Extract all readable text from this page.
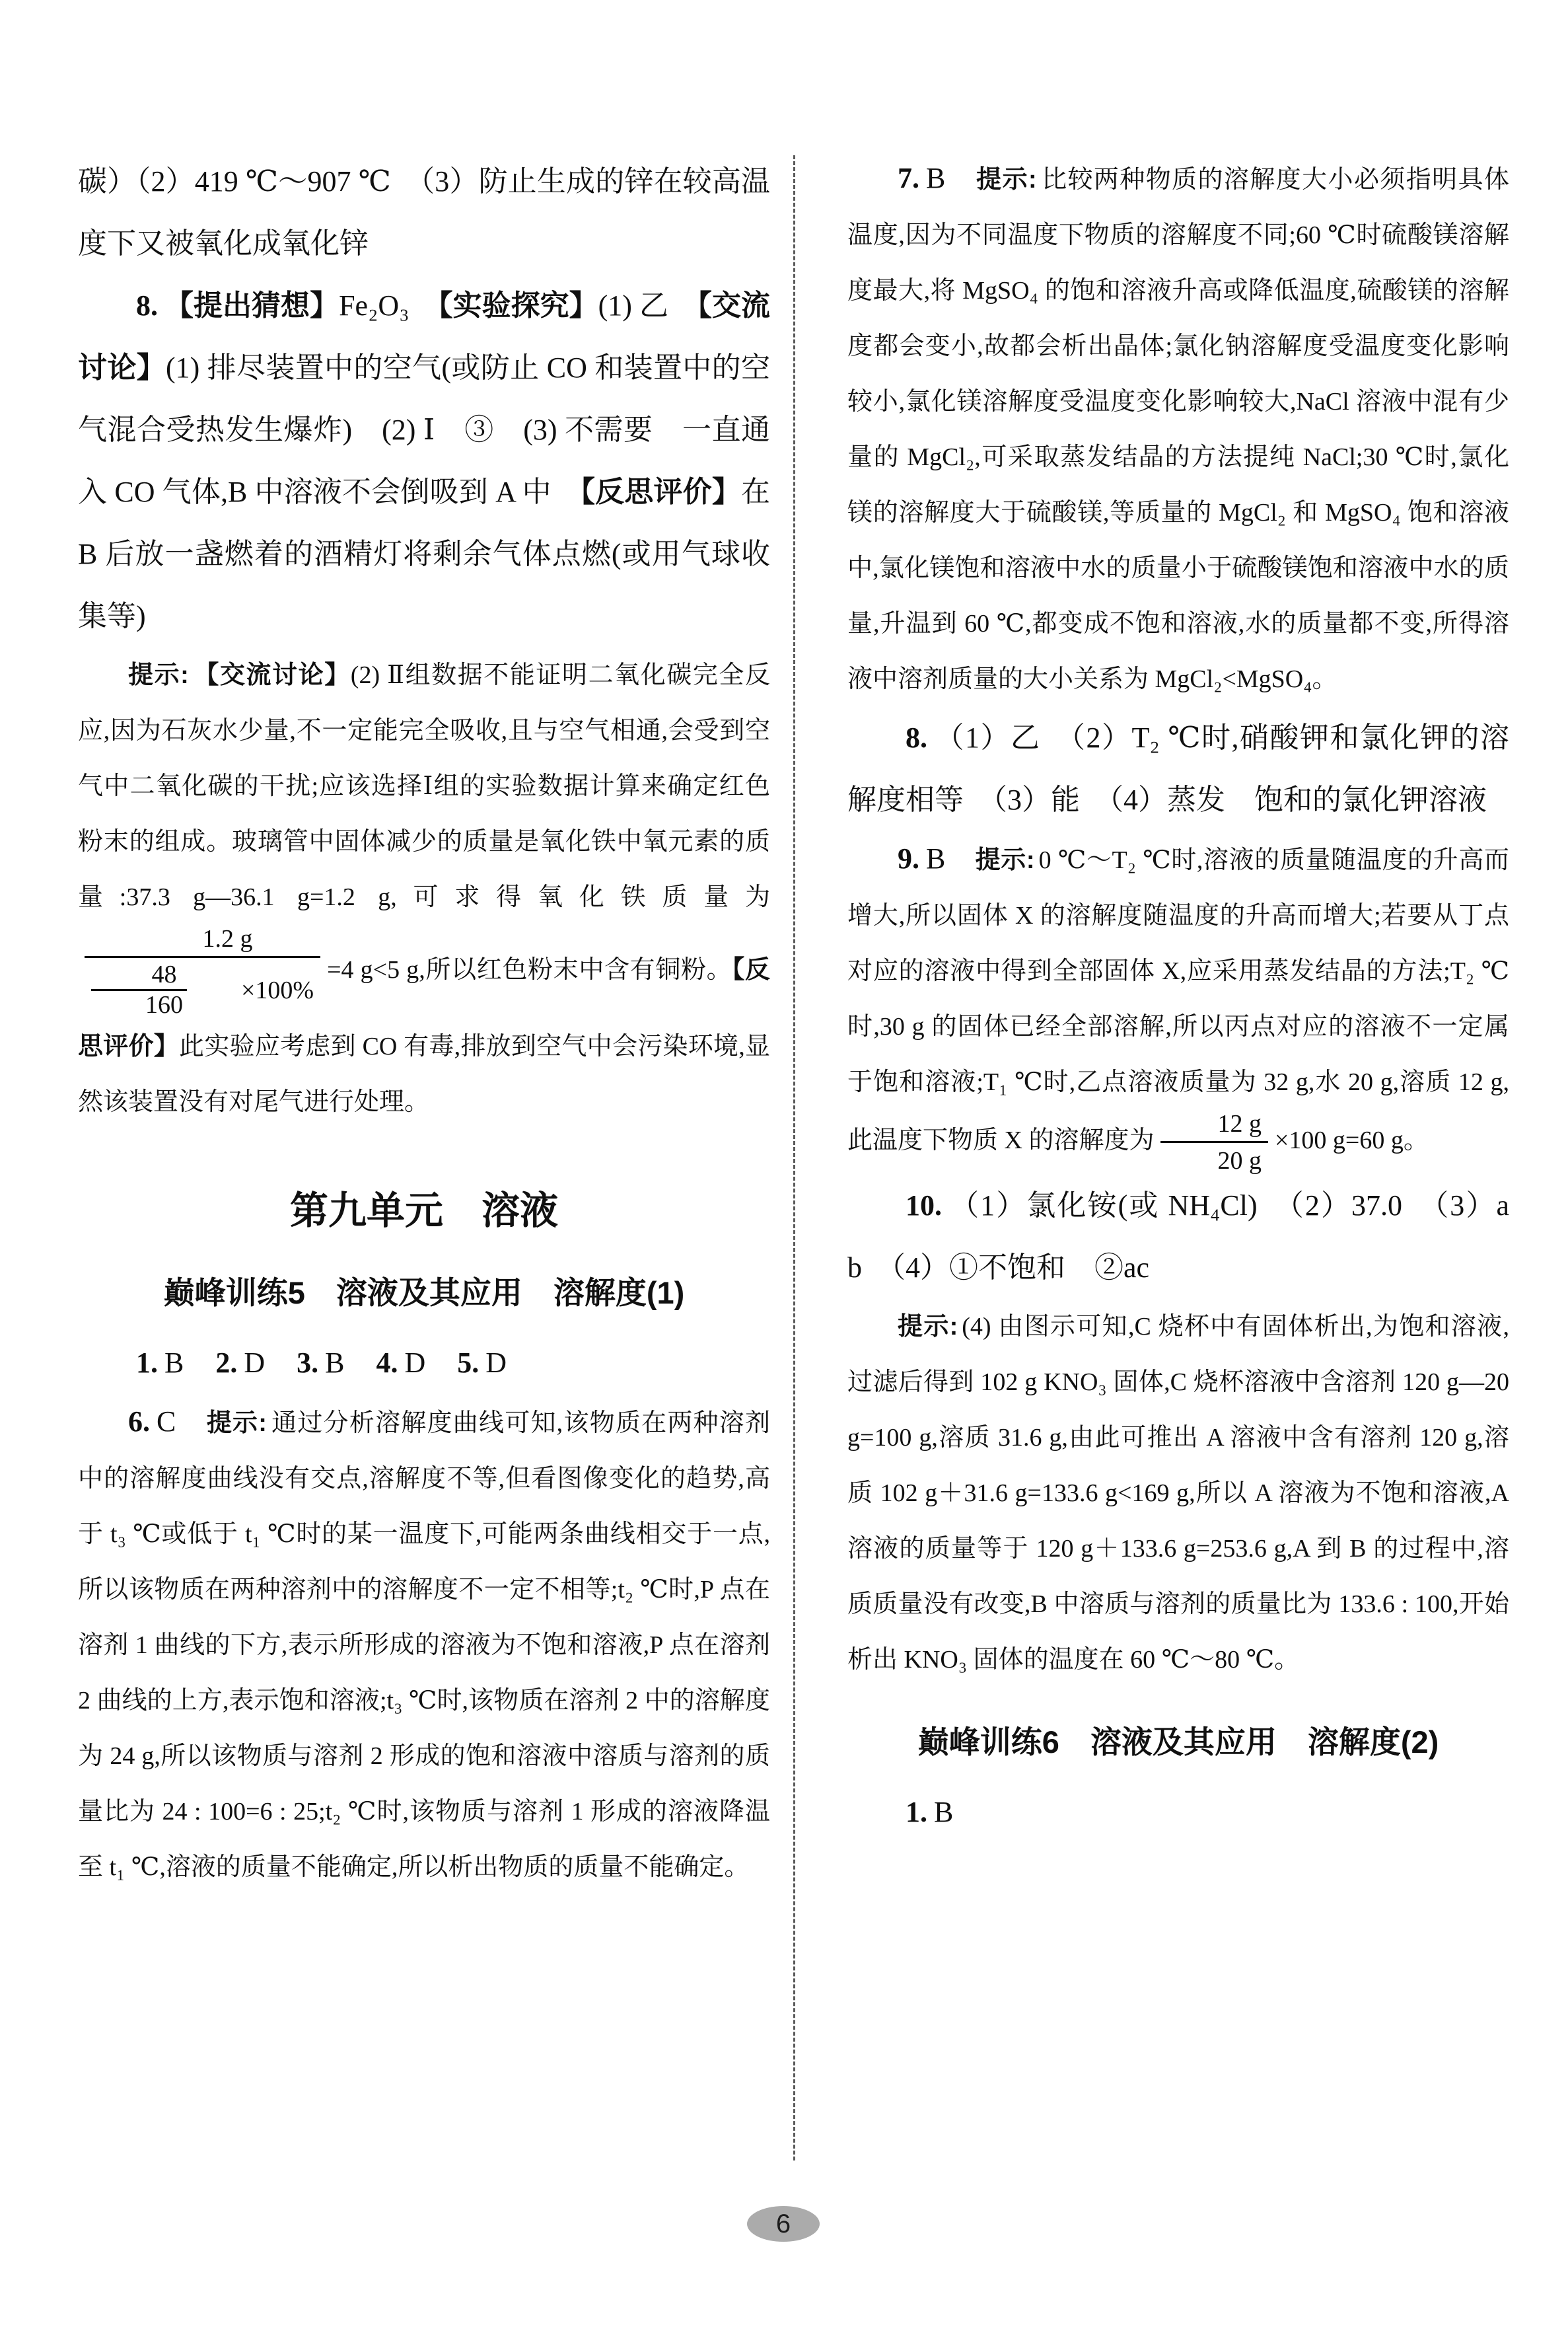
碳）（2）419 ℃～907 ℃　（3）防止生成的锌在较高温度下又被氧化成氧化锌

8. 【提出猜想】Fe₂O₃　【实验探究】(1) 乙　【交流讨论】(1) 排尽装置中的空气(或防止 CO 和装置中的空气混合受热发生爆炸)　(2) Ⅰ　③　(3) 不需要　一直通入 CO 气体,B 中溶液不会倒吸到 A 中　【反思评价】在 B 后放一盏燃着的酒精灯将剩余气体点燃(或用气球收集等)

提示: 【交流讨论】(2) Ⅱ组数据不能证明二氧化碳完全反应,因为石灰水少量,不一定能完全吸收,且与空气相通,会受到空气中二氧化碳的干扰;应该选择Ⅰ组的实验数据计算来确定红色粉末的组成。玻璃管中固体减少的质量是氧化铁中氧元素的质量:37.3 g—36.1 g=1.2 g,可求得氧化铁质量为
1.2 g
$\frac{48}{160}$	×100% =4 g<5 g,所以红色粉末中含有铜粉。【反思评价】此实验应考虑到 CO 有毒,排放到空气中会污染环境,显然该装置没有对尾气进行处理。

第九单元　溶液

巅峰训练5　溶液及其应用　溶解度(1)

1. B 2. D 3. B 4. D 5. D

6. C　提示: 通过分析溶解度曲线可知,该物质在两种溶剂中的溶解度曲线没有交点,溶解度不等,但看图像变化的趋势,高于 t₃ ℃或低于 t₁ ℃时的某一温度下,可能两条曲线相交于一点,所以该物质在两种溶剂中的溶解度不一定不相等;t₂ ℃时,P 点在溶剂 1 曲线的下方,表示所形成的溶液为不饱和溶液,P 点在溶剂 2 曲线的上方,表示饱和溶液;t₃ ℃时,该物质在溶剂 2 中的溶解度为 24 g,所以该物质与溶剂 2 形成的饱和溶液中溶质与溶剂的质量比为 24 : 100=6 : 25;t₂ ℃时,该物质与溶剂 1 形成的溶液降温至 t₁ ℃,溶液的质量不能确定,所以析出物质的质量不能确定。

7. B　提示: 比较两种物质的溶解度大小必须指明具体温度,因为不同温度下物质的溶解度不同;60 ℃时硫酸镁溶解度最大,将 MgSO₄ 的饱和溶液升高或降低温度,硫酸镁的溶解度都会变小,故都会析出晶体;氯化钠溶解度受温度变化影响较小,氯化镁溶解度受温度变化影响较大,NaCl 溶液中混有少量的 MgCl₂,可采取蒸发结晶的方法提纯 NaCl;30 ℃时,氯化镁的溶解度大于硫酸镁,等质量的 MgCl₂ 和 MgSO₄ 饱和溶液中,氯化镁饱和溶液中水的质量小于硫酸镁饱和溶液中水的质量,升温到 60 ℃,都变成不饱和溶液,水的质量都不变,所得溶液中溶剂质量的大小关系为 MgCl₂<MgSO₄。

8. （1）乙　（2）T₂ ℃时,硝酸钾和氯化钾的溶解度相等　（3）能　（4）蒸发　饱和的氯化钾溶液

9. B　提示: 0 ℃～T₂ ℃时,溶液的质量随温度的升高而增大,所以固体 X 的溶解度随温度的升高而增大;若要从丁点对应的溶液中得到全部固体 X,应采用蒸发结晶的方法;T₂ ℃时,30 g 的固体已经全部溶解,所以丙点对应的溶液不一定属于饱和溶液;T₁ ℃时,乙点溶液质量为 32 g,水 20 g,溶质 12 g,此温度下物质 X 的溶解度为 $\frac{12 g}{20 g} \times 100$ g=60 g。

10. （1）氯化铵(或 NH₄Cl)　（2）37.0　（3）a　b　（4）①不饱和　②ac

提示: (4) 由图示可知,C 烧杯中有固体析出,为饱和溶液,过滤后得到 102 g KNO₃ 固体,C 烧杯溶液中含溶剂 120 g—20 g=100 g,溶质 31.6 g,由此可推出 A 溶液中含有溶剂 120 g,溶质 102 g＋31.6 g=133.6 g<169 g,所以 A 溶液为不饱和溶液,A 溶液的质量等于 120 g＋133.6 g=253.6 g,A 到 B 的过程中,溶质质量没有改变,B 中溶质与溶剂的质量比为 133.6 : 100,开始析出 KNO₃ 固体的温度在 60 ℃～80 ℃。

巅峰训练6　溶液及其应用　溶解度(2)

1. B

6
